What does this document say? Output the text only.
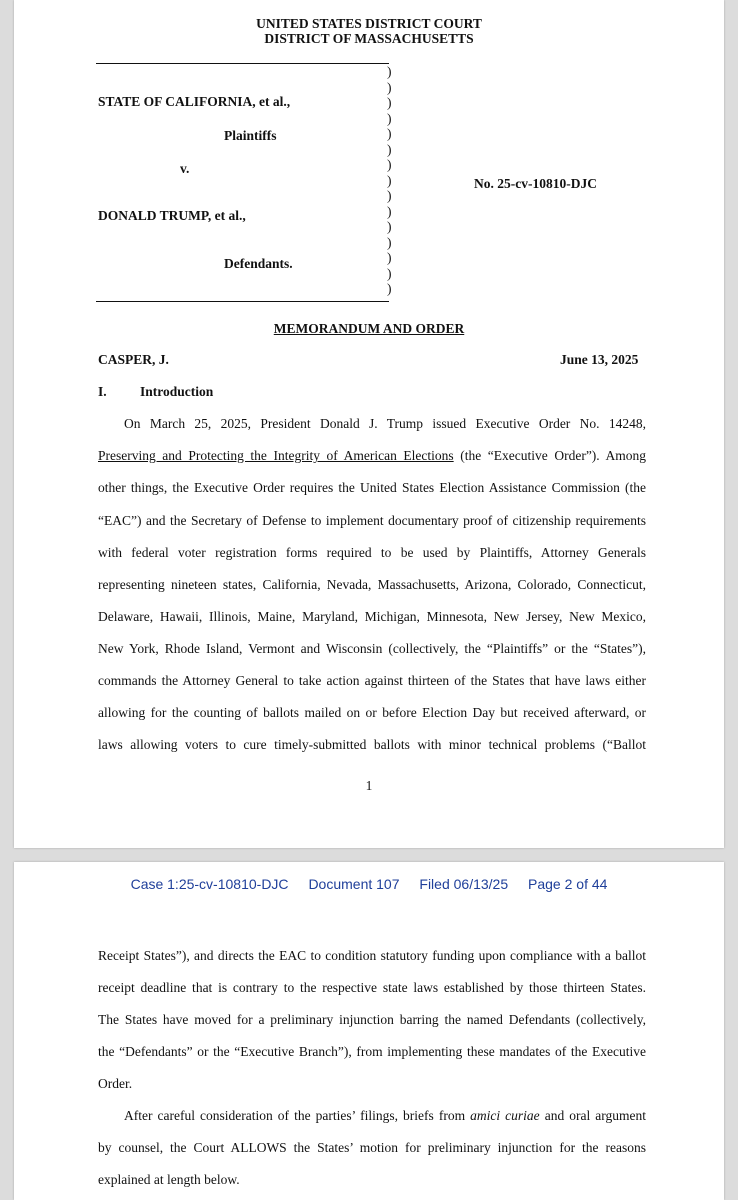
UNITED STATES DISTRICT COURT
DISTRICT OF MASSACHUSETTS
)
)
)
)
)
)
)
)
)
)
)
)
)
)
)
STATE OF CALIFORNIA, et al.,
Plaintiffs
v.
No. 25-cv-10810-DJC
DONALD TRUMP, et al.,
Defendants.
MEMORANDUM AND ORDER
CASPER, J.	June 13, 2025
I. Introduction
On March 25, 2025, President Donald J. Trump issued Executive Order No. 14248,
Preserving and Protecting the Integrity of American Elections (the “Executive Order”). Among
other things, the Executive Order requires the United States Election Assistance Commission (the
“EAC”) and the Secretary of Defense to implement documentary proof of citizenship requirements
with federal voter registration forms required to be used by Plaintiffs, Attorney Generals
representing nineteen states, California, Nevada, Massachusetts, Arizona, Colorado, Connecticut,
Delaware, Hawaii, Illinois, Maine, Maryland, Michigan, Minnesota, New Jersey, New Mexico,
New York, Rhode Island, Vermont and Wisconsin (collectively, the “Plaintiffs” or the “States”),
commands the Attorney General to take action against thirteen of the States that have laws either
allowing for the counting of ballots mailed on or before Election Day but received afterward, or
laws allowing voters to cure timely-submitted ballots with minor technical problems (“Ballot
1
Case 1:25-cv-10810-DJC Document 107 Filed 06/13/25 Page 2 of 44
Receipt States”), and directs the EAC to condition statutory funding upon compliance with a ballot
receipt deadline that is contrary to the respective state laws established by those thirteen States.
The States have moved for a preliminary injunction barring the named Defendants (collectively,
the “Defendants” or the “Executive Branch”), from implementing these mandates of the Executive
Order.
After careful consideration of the parties’ filings, briefs from amici curiae and oral argument
by counsel, the Court ALLOWS the States’ motion for preliminary injunction for the reasons
explained at length below.
